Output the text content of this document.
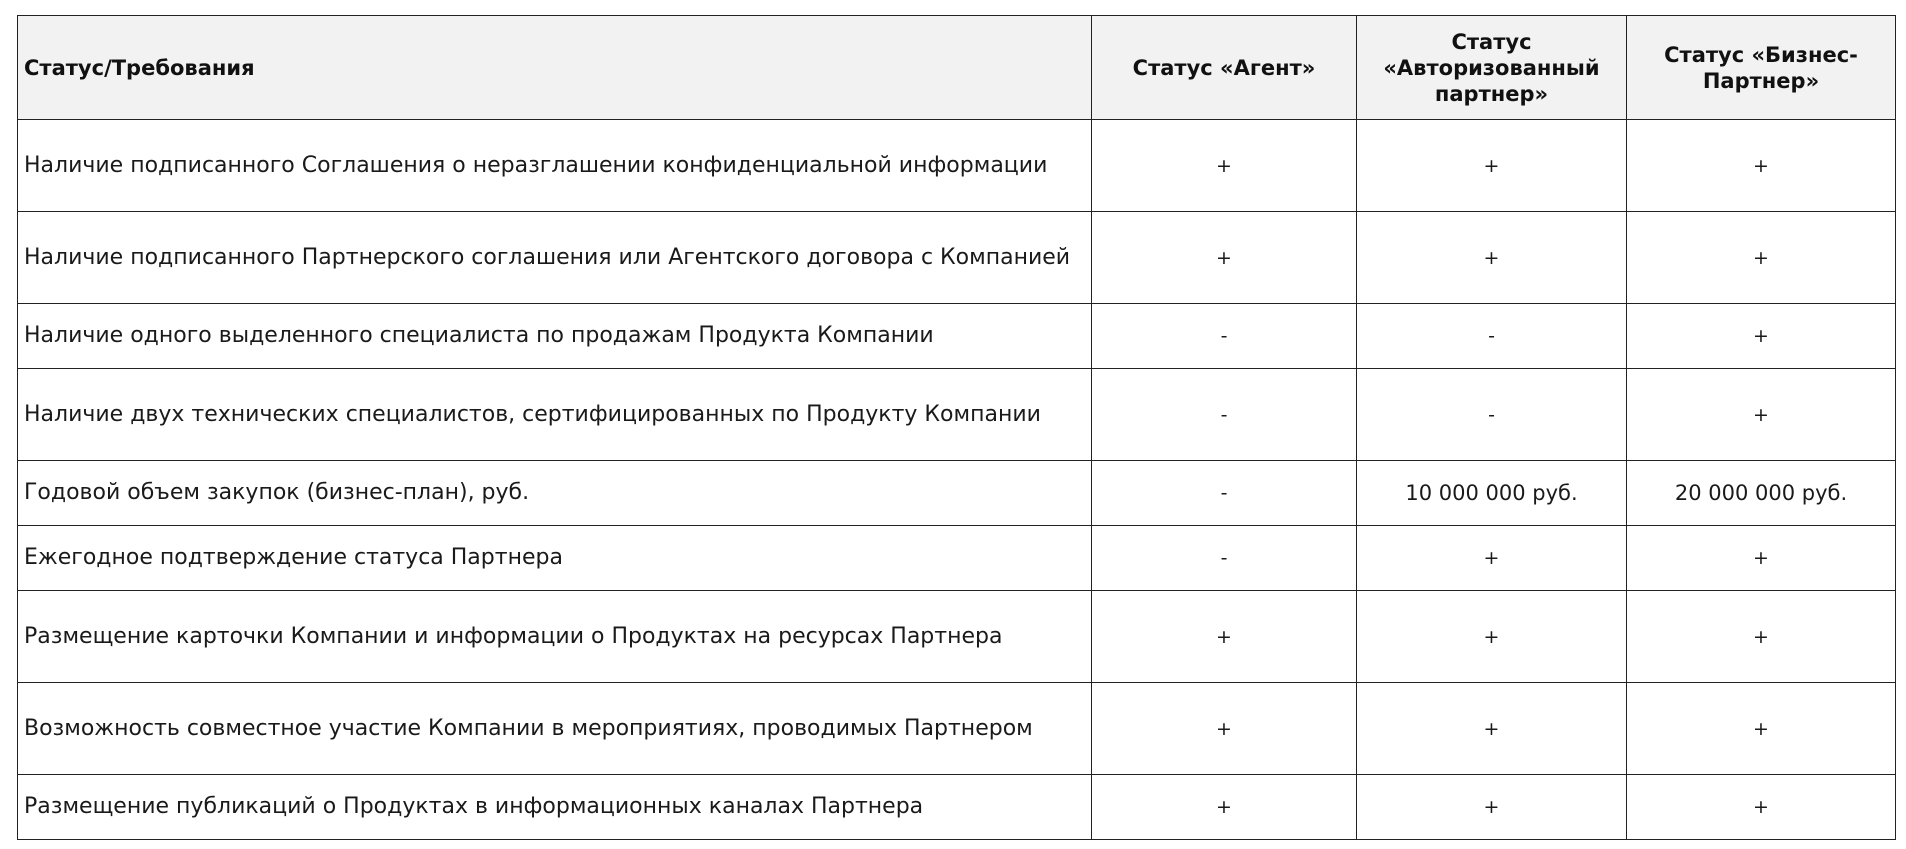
Статус/Требования	Статус «Агент»	Статус «Авторизованный партнер»	Статус «Бизнес- Партнер»
Наличие подписанного Соглашения о неразглашении конфиденциальной информации	+	+	+
Наличие подписанного Партнерского соглашения или Агентского договора с Компанией	+	+	+
Наличие одного выделенного специалиста по продажам Продукта Компании	-	-	+
Наличие двух технических специалистов, сертифицированных по Продукту Компании	-	-	+
Годовой объем закупок (бизнес-план), руб.	-	10 000 000 руб.	20 000 000 руб.
Ежегодное подтверждение статуса Партнера	-	+	+
Размещение карточки Компании и информации о Продуктах на ресурсах Партнера	+	+	+
Возможность совместное участие Компании в мероприятиях, проводимых Партнером	+	+	+
Размещение публикаций о Продуктах в информационных каналах Партнера	+	+	+
